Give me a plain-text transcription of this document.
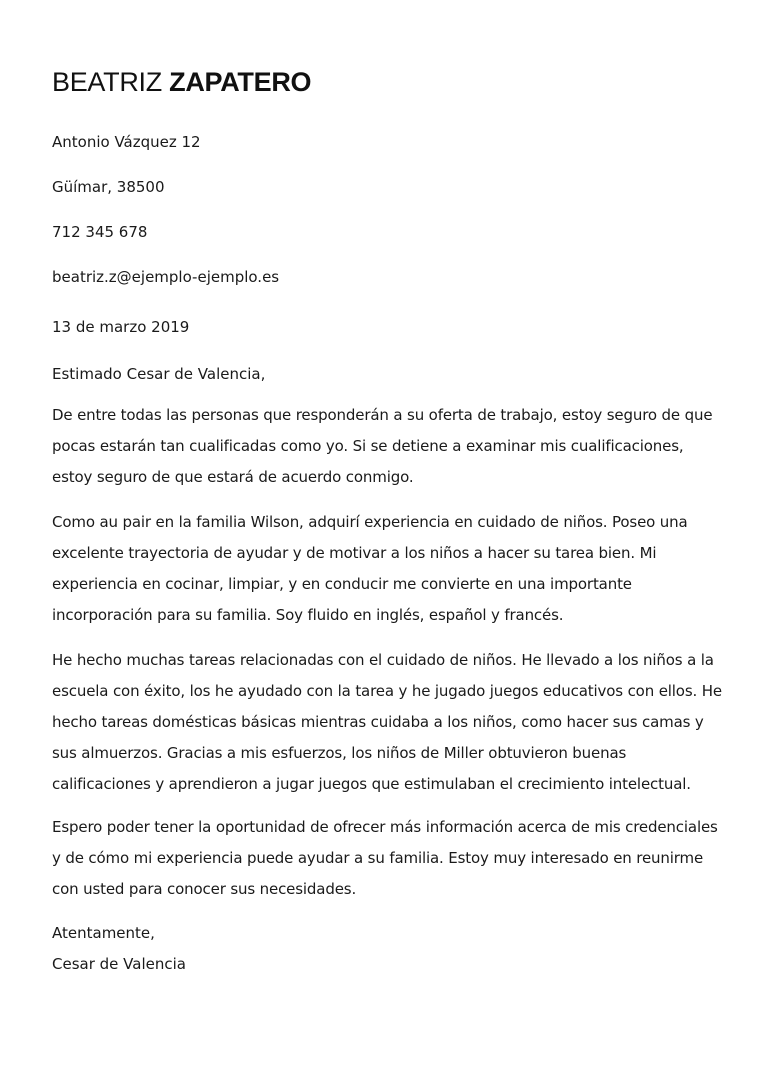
BEATRIZ ZAPATERO
Antonio Vázquez 12
Güímar, 38500
712 345 678
beatriz.z@ejemplo-ejemplo.es
13 de marzo 2019
Estimado Cesar de Valencia,

De entre todas las personas que responderán a su oferta de trabajo, estoy seguro de que pocas estarán tan cualificadas como yo. Si se detiene a examinar mis cualificaciones, estoy seguro de que estará de acuerdo conmigo.

Como au pair en la familia Wilson, adquirí experiencia en cuidado de niños. Poseo una excelente trayectoria de ayudar y de motivar a los niños a hacer su tarea bien. Mi experiencia en cocinar, limpiar, y en conducir me convierte en una importante incorporación para su familia. Soy fluido en inglés, español y francés.

He hecho muchas tareas relacionadas con el cuidado de niños. He llevado a los niños a la escuela con éxito, los he ayudado con la tarea y he jugado juegos educativos con ellos. He hecho tareas domésticas básicas mientras cuidaba a los niños, como hacer sus camas y sus almuerzos. Gracias a mis esfuerzos, los niños de Miller obtuvieron buenas calificaciones y aprendieron a jugar juegos que estimulaban el crecimiento intelectual.

Espero poder tener la oportunidad de ofrecer más información acerca de mis credenciales y de cómo mi experiencia puede ayudar a su familia. Estoy muy interesado en reunirme con usted para conocer sus necesidades.

Atentamente,
Cesar de Valencia
